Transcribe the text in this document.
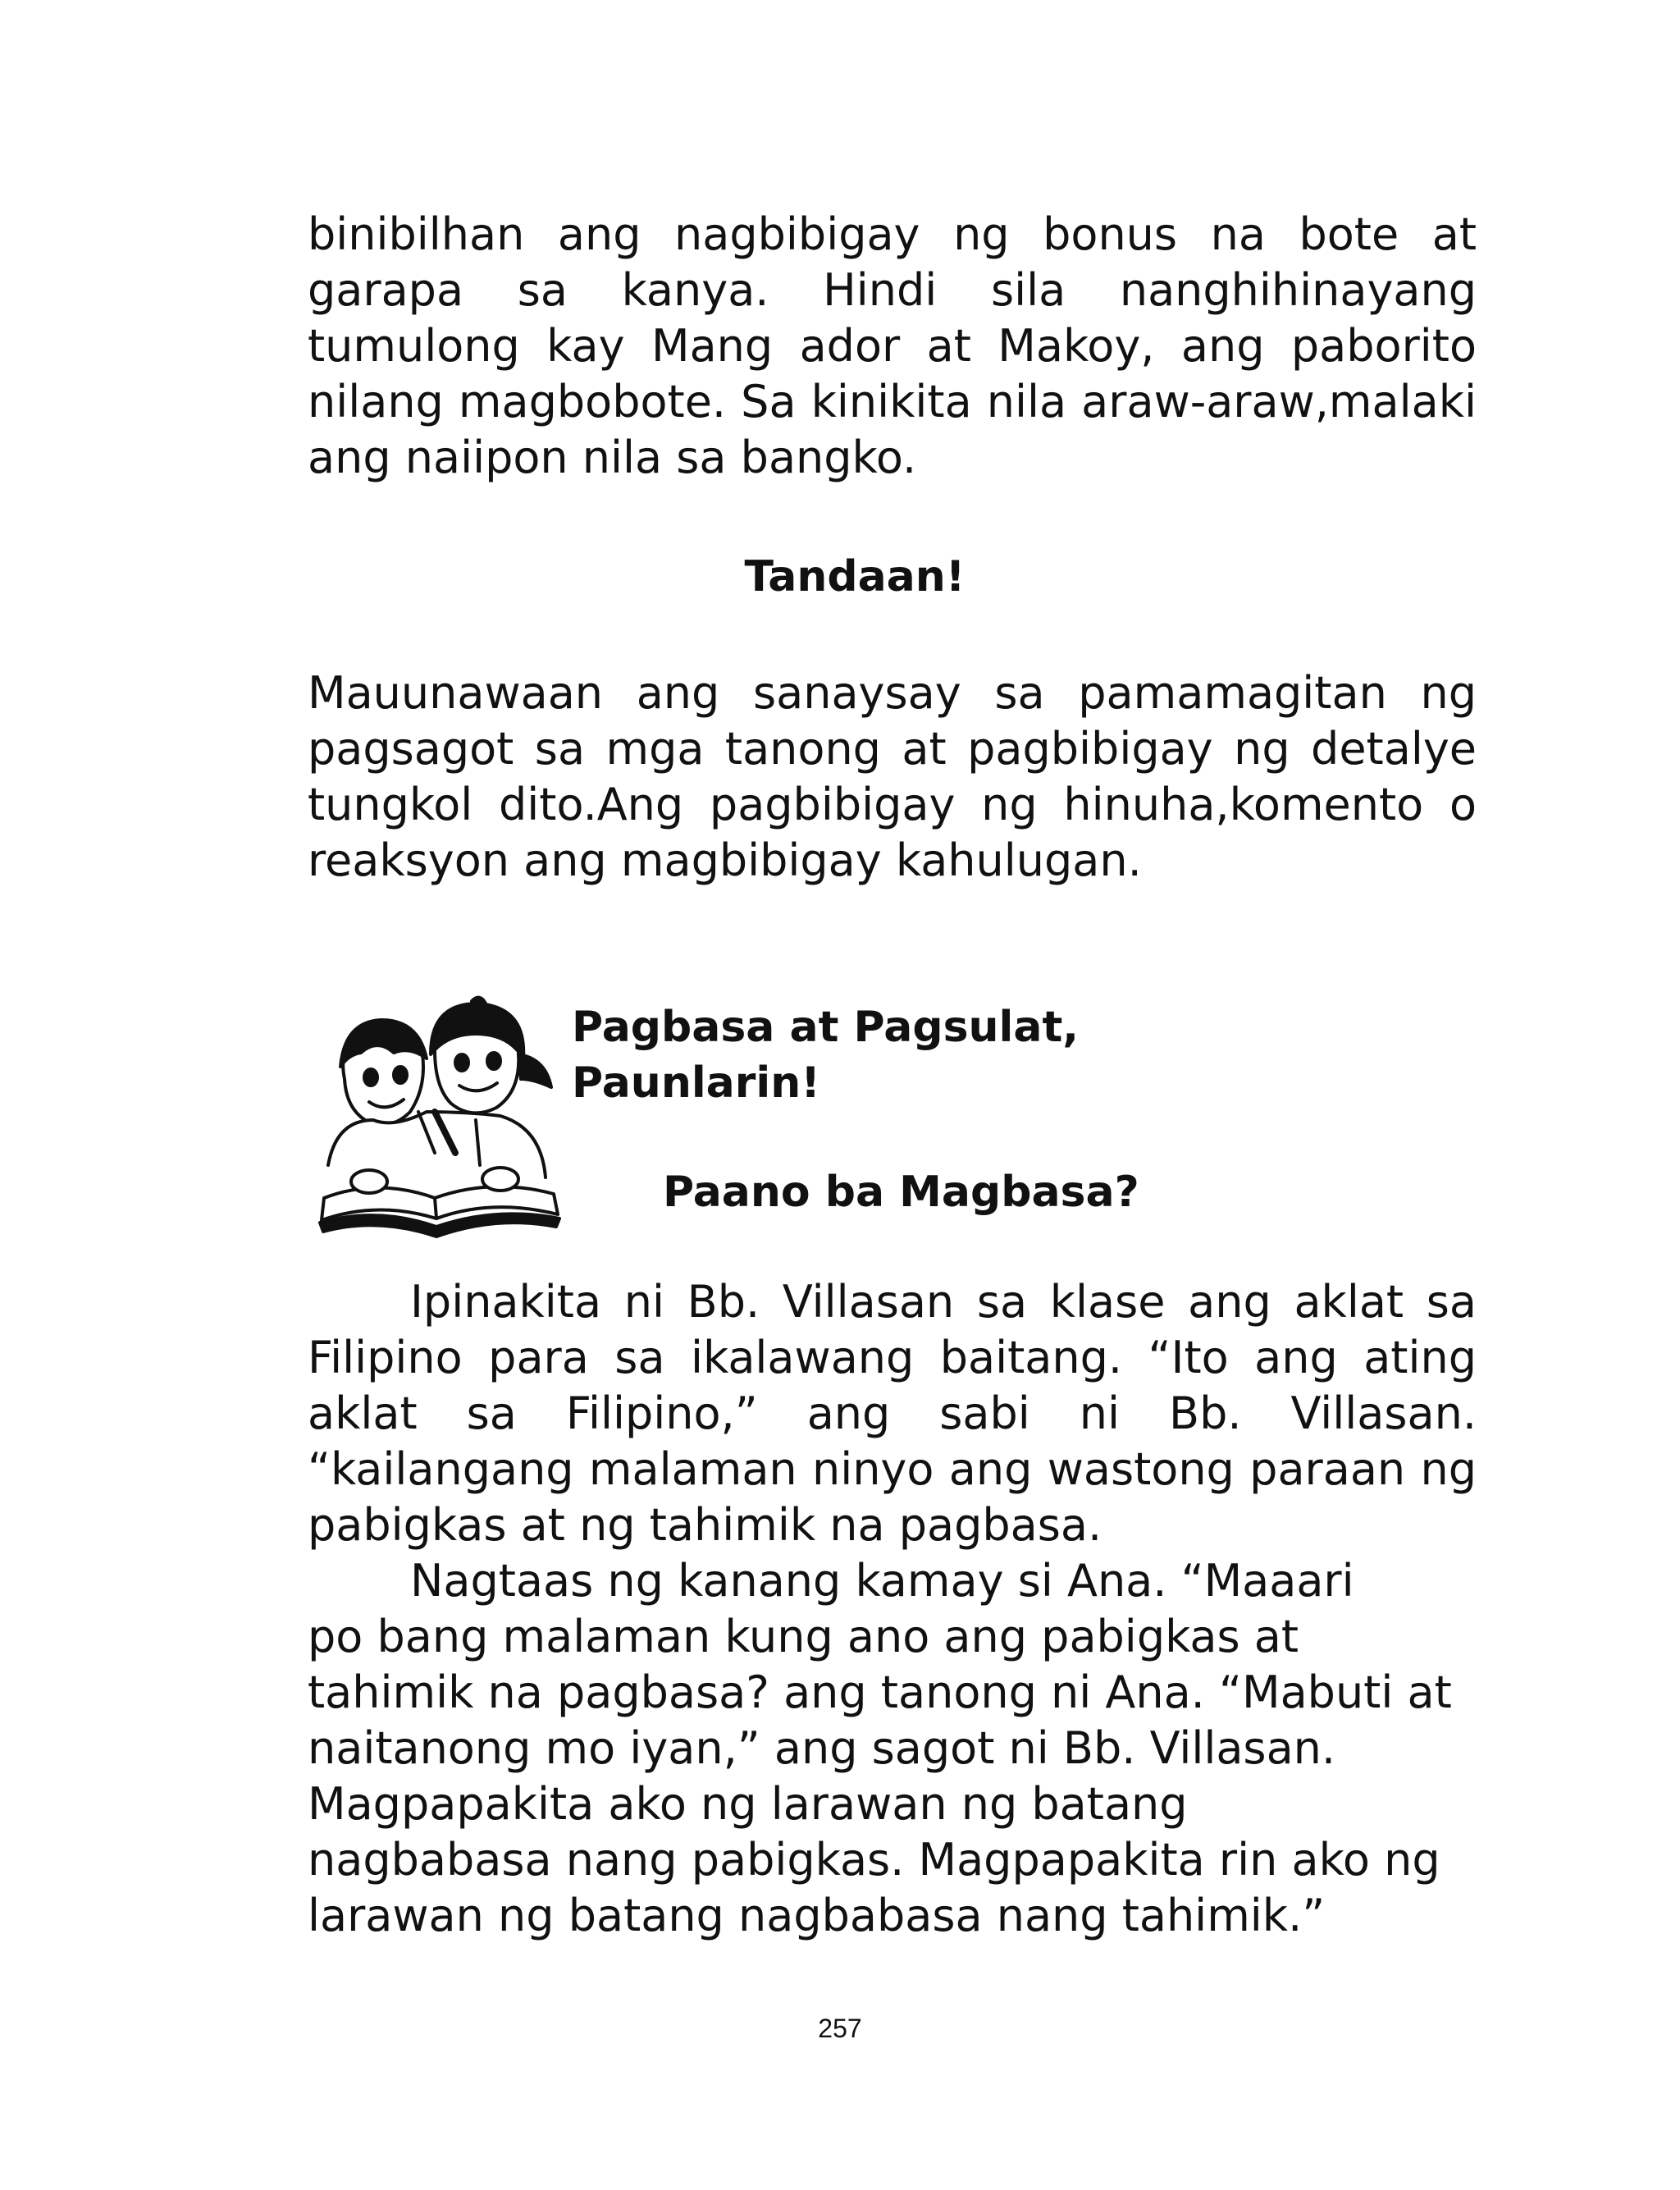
binibilhan ang nagbibigay ng bonus na bote at garapa sa kanya. Hindi sila nanghihinayang tumulong kay Mang ador at Makoy, ang paborito nilang magbobote. Sa kinikita nila araw-araw,malaki ang naiipon nila sa bangko.
Tandaan!
Mauunawaan ang sanaysay sa pamamagitan ng pagsagot sa mga tanong at pagbibigay ng detalye tungkol dito.Ang pagbibigay ng hinuha,komento o reaksyon ang magbibigay kahulugan.
Pagbasa at Pagsulat,
Paunlarin!
Paano ba Magbasa?
Ipinakita ni Bb. Villasan sa klase ang aklat sa Filipino para sa ikalawang baitang. “Ito ang ating aklat sa Filipino,” ang sabi ni Bb. Villasan. “kailangang malaman ninyo ang wastong paraan ng pabigkas at ng tahimik na pagbasa.
Nagtaas ng kanang kamay si Ana. “Maaari
po bang malaman kung ano ang pabigkas at
tahimik na pagbasa? ang tanong ni Ana. “Mabuti at
naitanong mo iyan,” ang sagot ni Bb. Villasan.
Magpapakita ako ng larawan ng batang
nagbabasa nang pabigkas. Magpapakita rin ako ng
larawan ng batang nagbabasa nang tahimik.”
257
